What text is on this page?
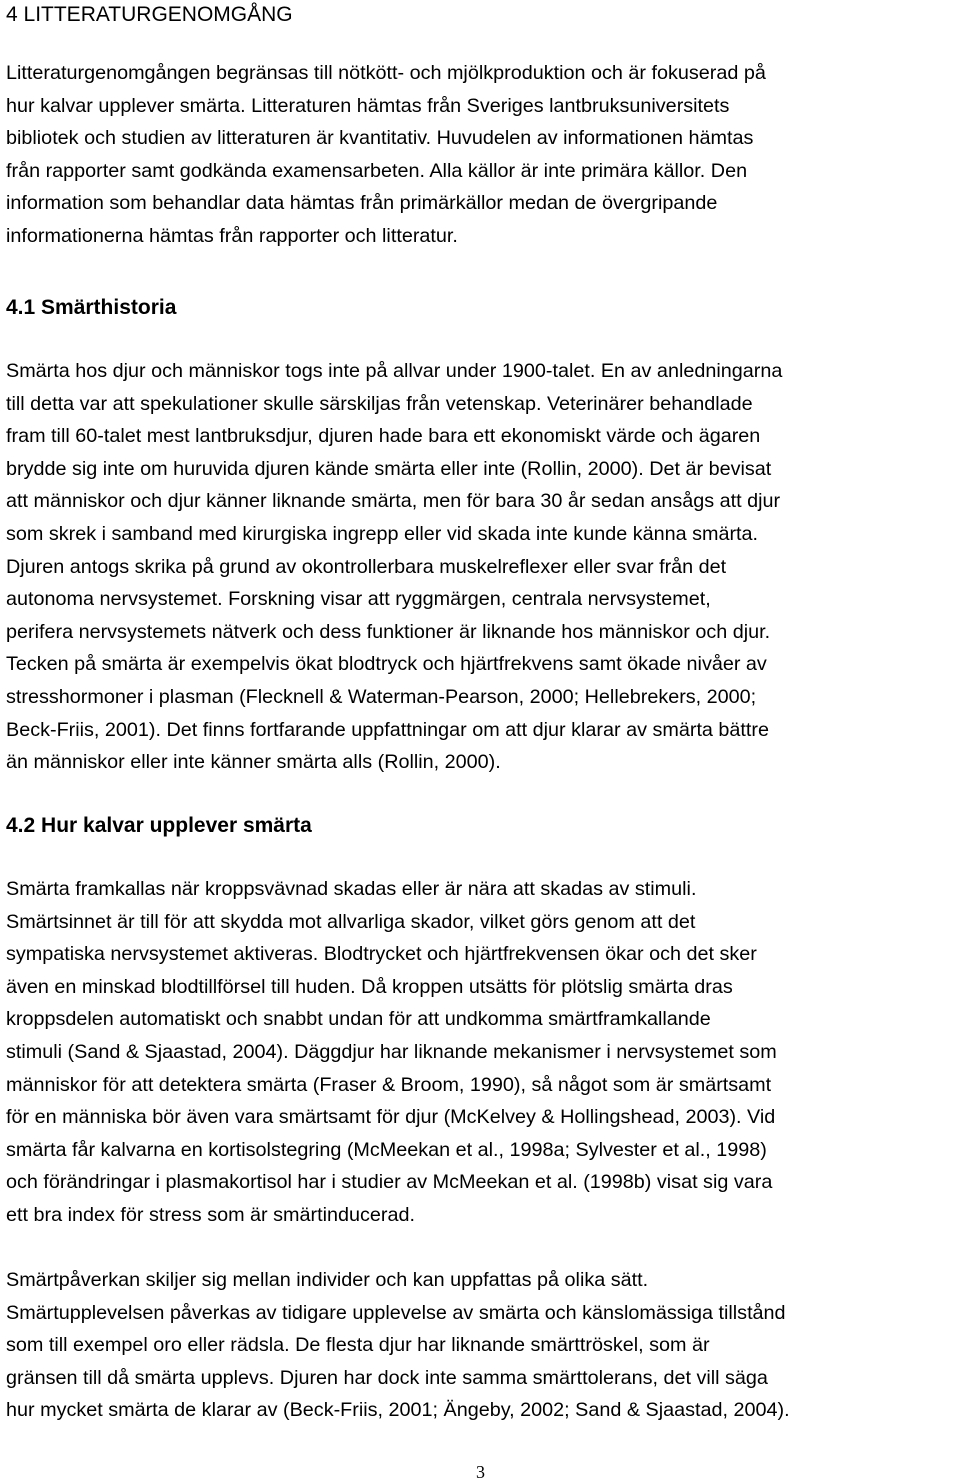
4 LITTERATURGENOMGÅNG

Litteraturgenomgången begränsas till nötkött- och mjölkproduktion och är fokuserad på
hur kalvar upplever smärta. Litteraturen hämtas från Sveriges lantbruksuniversitets
bibliotek och studien av litteraturen är kvantitativ. Huvudelen av informationen hämtas
från rapporter samt godkända examensarbeten. Alla källor är inte primära källor. Den
information som behandlar data hämtas från primärkällor medan de övergripande
informationerna hämtas från rapporter och litteratur.

4.1 Smärthistoria

Smärta hos djur och människor togs inte på allvar under 1900-talet. En av anledningarna
till detta var att spekulationer skulle särskiljas från vetenskap. Veterinärer behandlade
fram till 60-talet mest lantbruksdjur, djuren hade bara ett ekonomiskt värde och ägaren
brydde sig inte om huruvida djuren kände smärta eller inte (Rollin, 2000). Det är bevisat
att människor och djur känner liknande smärta, men för bara 30 år sedan ansågs att djur
som skrek i samband med kirurgiska ingrepp eller vid skada inte kunde känna smärta.
Djuren antogs skrika på grund av okontrollerbara muskelreflexer eller svar från det
autonoma nervsystemet. Forskning visar att ryggmärgen, centrala nervsystemet,
perifera nervsystemets nätverk och dess funktioner är liknande hos människor och djur.
Tecken på smärta är exempelvis ökat blodtryck och hjärtfrekvens samt ökade nivåer av
stresshormoner i plasman (Flecknell & Waterman-Pearson, 2000; Hellebrekers, 2000;
Beck-Friis, 2001). Det finns fortfarande uppfattningar om att djur klarar av smärta bättre
än människor eller inte känner smärta alls (Rollin, 2000).

4.2 Hur kalvar upplever smärta

Smärta framkallas när kroppsvävnad skadas eller är nära att skadas av stimuli.
Smärtsinnet är till för att skydda mot allvarliga skador, vilket görs genom att det
sympatiska nervsystemet aktiveras. Blodtrycket och hjärtfrekvensen ökar och det sker
även en minskad blodtillförsel till huden. Då kroppen utsätts för plötslig smärta dras
kroppsdelen automatiskt och snabbt undan för att undkomma smärtframkallande
stimuli (Sand & Sjaastad, 2004). Däggdjur har liknande mekanismer i nervsystemet som
människor för att detektera smärta (Fraser & Broom, 1990), så något som är smärtsamt
för en människa bör även vara smärtsamt för djur (McKelvey & Hollingshead, 2003). Vid
smärta får kalvarna en kortisolstegring (McMeekan et al., 1998a; Sylvester et al., 1998)
och förändringar i plasmakortisol har i studier av McMeekan et al. (1998b) visat sig vara
ett bra index för stress som är smärtinducerad.

Smärtpåverkan skiljer sig mellan individer och kan uppfattas på olika sätt.
Smärtupplevelsen påverkas av tidigare upplevelse av smärta och känslomässiga tillstånd
som till exempel oro eller rädsla. De flesta djur har liknande smärttröskel, som är
gränsen till då smärta upplevs. Djuren har dock inte samma smärttolerans, det vill säga
hur mycket smärta de klarar av (Beck-Friis, 2001; Ängeby, 2002; Sand & Sjaastad, 2004).

3
